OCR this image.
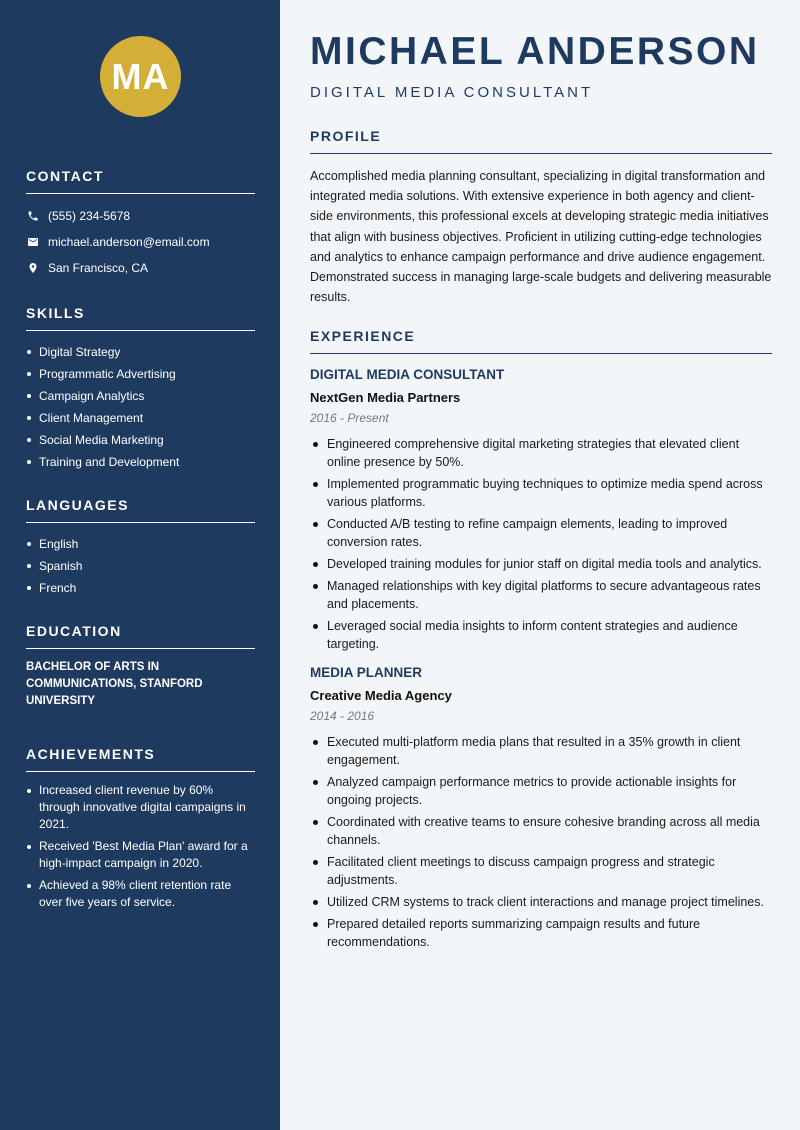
MA
CONTACT
(555) 234-5678
michael.anderson@email.com
San Francisco, CA
SKILLS
Digital Strategy
Programmatic Advertising
Campaign Analytics
Client Management
Social Media Marketing
Training and Development
LANGUAGES
English
Spanish
French
EDUCATION
BACHELOR OF ARTS IN COMMUNICATIONS, STANFORD UNIVERSITY
ACHIEVEMENTS
Increased client revenue by 60% through innovative digital campaigns in 2021.
Received 'Best Media Plan' award for a high-impact campaign in 2020.
Achieved a 98% client retention rate over five years of service.
MICHAEL ANDERSON
DIGITAL MEDIA CONSULTANT
PROFILE

Accomplished media planning consultant, specializing in digital transformation and integrated media solutions. With extensive experience in both agency and client-side environments, this professional excels at developing strategic media initiatives that align with business objectives. Proficient in utilizing cutting-edge technologies and analytics to enhance campaign performance and drive audience engagement. Demonstrated success in managing large-scale budgets and delivering measurable results.

EXPERIENCE
DIGITAL MEDIA CONSULTANT
NextGen Media Partners
2016 - Present
Engineered comprehensive digital marketing strategies that elevated client online presence by 50%.
Implemented programmatic buying techniques to optimize media spend across various platforms.
Conducted A/B testing to refine campaign elements, leading to improved conversion rates.
Developed training modules for junior staff on digital media tools and analytics.
Managed relationships with key digital platforms to secure advantageous rates and placements.
Leveraged social media insights to inform content strategies and audience targeting.
MEDIA PLANNER
Creative Media Agency
2014 - 2016
Executed multi-platform media plans that resulted in a 35% growth in client engagement.
Analyzed campaign performance metrics to provide actionable insights for ongoing projects.
Coordinated with creative teams to ensure cohesive branding across all media channels.
Facilitated client meetings to discuss campaign progress and strategic adjustments.
Utilized CRM systems to track client interactions and manage project timelines.
Prepared detailed reports summarizing campaign results and future recommendations.
